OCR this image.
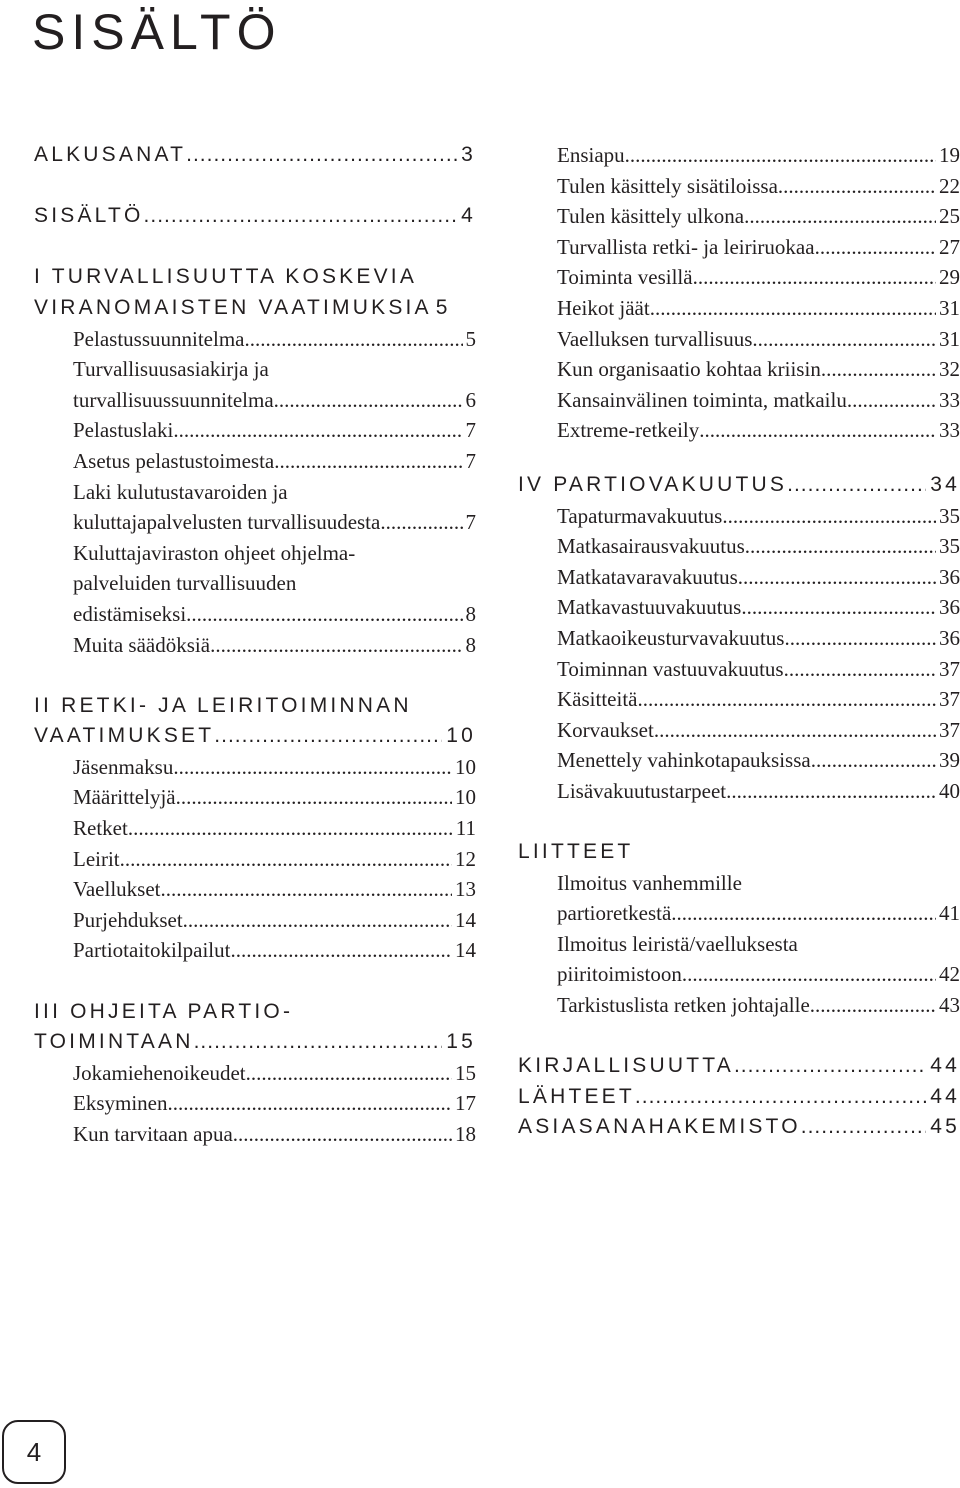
SISÄLTÖ
ALKUSANAT .....	3
SISÄLTÖ .....	4
I TURVALLISUUTTA KOSKEVIA
VIRANOMAISTEN VAATIMUKSIA 5
Pelastussuunnitelma .....	5
Turvallisuusasiakirja ja
turvallisuussuunnitelma .....	6
Pelastuslaki .....	7
Asetus pelastustoimesta .....	7
Laki kulutustavaroiden ja
kuluttajapalvelusten turvallisuudesta .....	7
Kuluttajaviraston ohjeet ohjelma-
palveluiden turvallisuuden
edistämiseksi .....	8
Muita säädöksiä .....	8
II RETKI- JA LEIRITOIMINNAN
VAATIMUKSET .....	10
Jäsenmaksu .....	10
Määrittelyjä .....	10
Retket .....	11
Leirit .....	12
Vaellukset .....	13
Purjehdukset .....	14
Partiotaitokilpailut .....	14
III OHJEITA PARTIO-
TOIMINTAAN .....	15
Jokamiehenoikeudet .....	15
Eksyminen .....	17
Kun tarvitaan apua .....	18
Ensiapu .....	19
Tulen käsittely sisätiloissa .....	22
Tulen käsittely ulkona .....	25
Turvallista retki- ja leiriruokaa .....	27
Toiminta vesillä .....	29
Heikot jäät .....	31
Vaelluksen turvallisuus .....	31
Kun organisaatio kohtaa kriisin .....	32
Kansainvälinen toiminta, matkailu .....	33
Extreme-retkeily .....	33
IV PARTIOVAKUUTUS .....	34
Tapaturmavakuutus .....	35
Matkasairausvakuutus .....	35
Matkatavaravakuutus .....	36
Matkavastuuvakuutus .....	36
Matkaoikeusturvavakuutus .....	36
Toiminnan vastuuvakuutus .....	37
Käsitteitä .....	37
Korvaukset .....	37
Menettely vahinkotapauksissa .....	39
Lisävakuutustarpeet .....	40
LIITTEET
Ilmoitus vanhemmille
partioretkestä .....	41
Ilmoitus leiristä/vaelluksesta
piiritoimistoon .....	42
Tarkistuslista retken johtajalle .....	43
KIRJALLISUUTTA .....	44
LÄHTEET .....	44
ASIASANAHAKEMISTO .....	45
4
